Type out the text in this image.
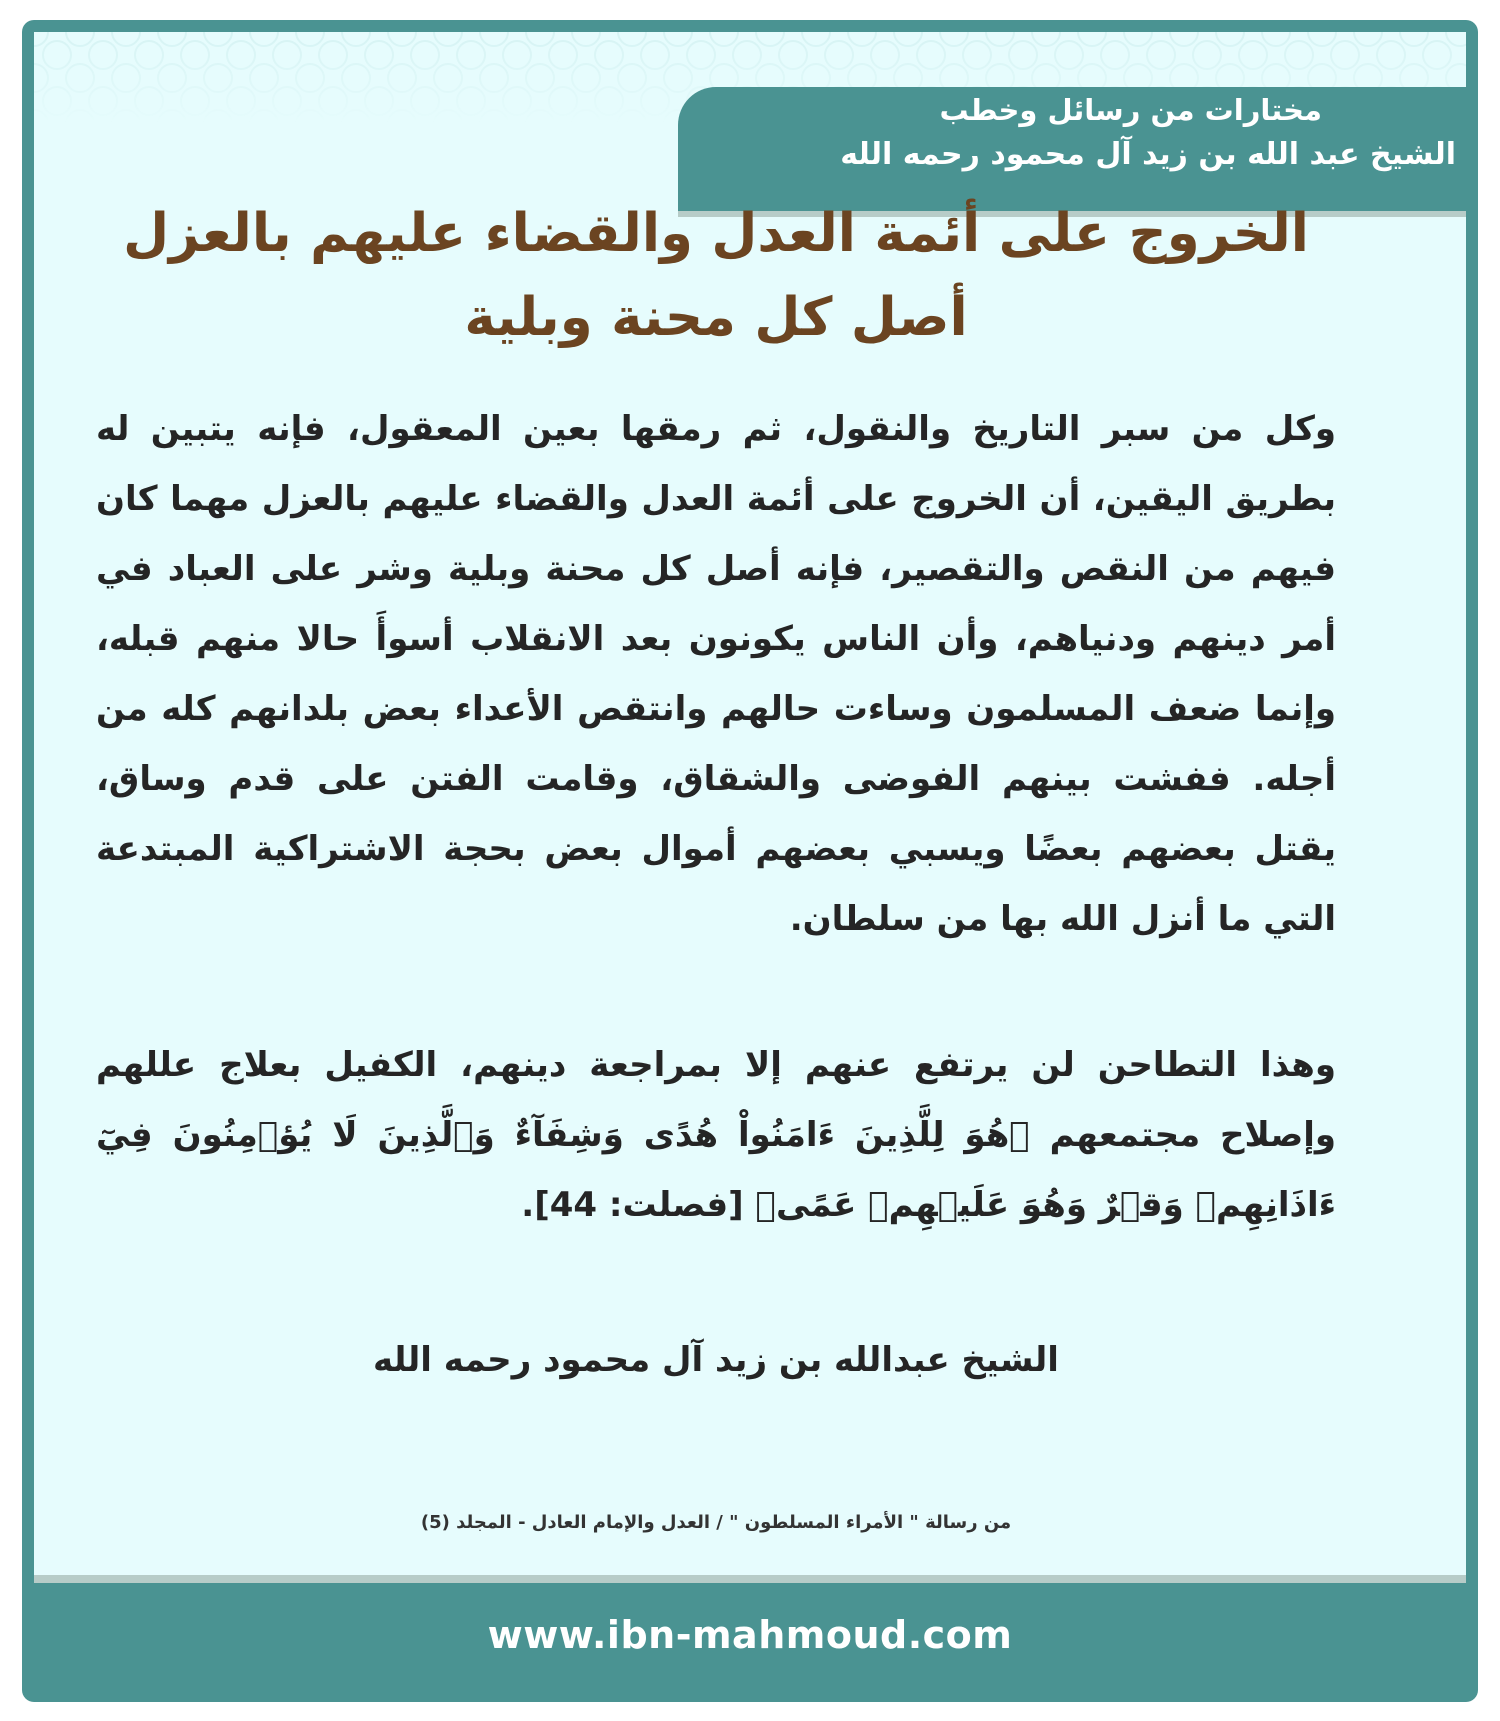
مختارات من رسائل وخطب
الشيخ عبد الله بن زيد آل محمود رحمه الله
الخروج على أئمة العدل والقضاء عليهم بالعزل
أصل كل محنة وبلية

وكل من سبر التاريخ والنقول، ثم رمقها بعين المعقول، فإنه يتبين له بطريق اليقين، أن الخروج على أئمة العدل والقضاء عليهم بالعزل مهما كان فيهم من النقص والتقصير، فإنه أصل كل محنة وبلية وشر على العباد في أمر دينهم ودنياهم، وأن الناس يكونون بعد الانقلاب أسوأَ حالا منهم قبله، وإنما ضعف المسلمون وساءت حالهم وانتقص الأعداء بعض بلدانهم كله من أجله. ففشت بينهم الفوضى والشقاق، وقامت الفتن على قدم وساق، يقتل بعضهم بعضًا ويسبي بعضهم أموال بعض بحجة الاشتراكية المبتدعة التي ما أنزل الله بها من سلطان.

وهذا التطاحن لن يرتفع عنهم إلا بمراجعة دينهم، الكفيل بعلاج عللهم وإصلاح مجتمعهم ﴿هُوَ لِلَّذِينَ ءَامَنُواْ هُدًى وَشِفَآءٌ وَٱلَّذِينَ لَا يُؤۡمِنُونَ فِيٓ ءَاذَانِهِمۡ وَقۡرٌ وَهُوَ عَلَيۡهِمۡ عَمًى﴾ [فصلت: 44].

الشيخ عبدالله بن زيد آل محمود رحمه الله

من رسالة " الأمراء المسلطون " / العدل والإمام العادل - المجلد (5)

www.ibn-mahmoud.com
